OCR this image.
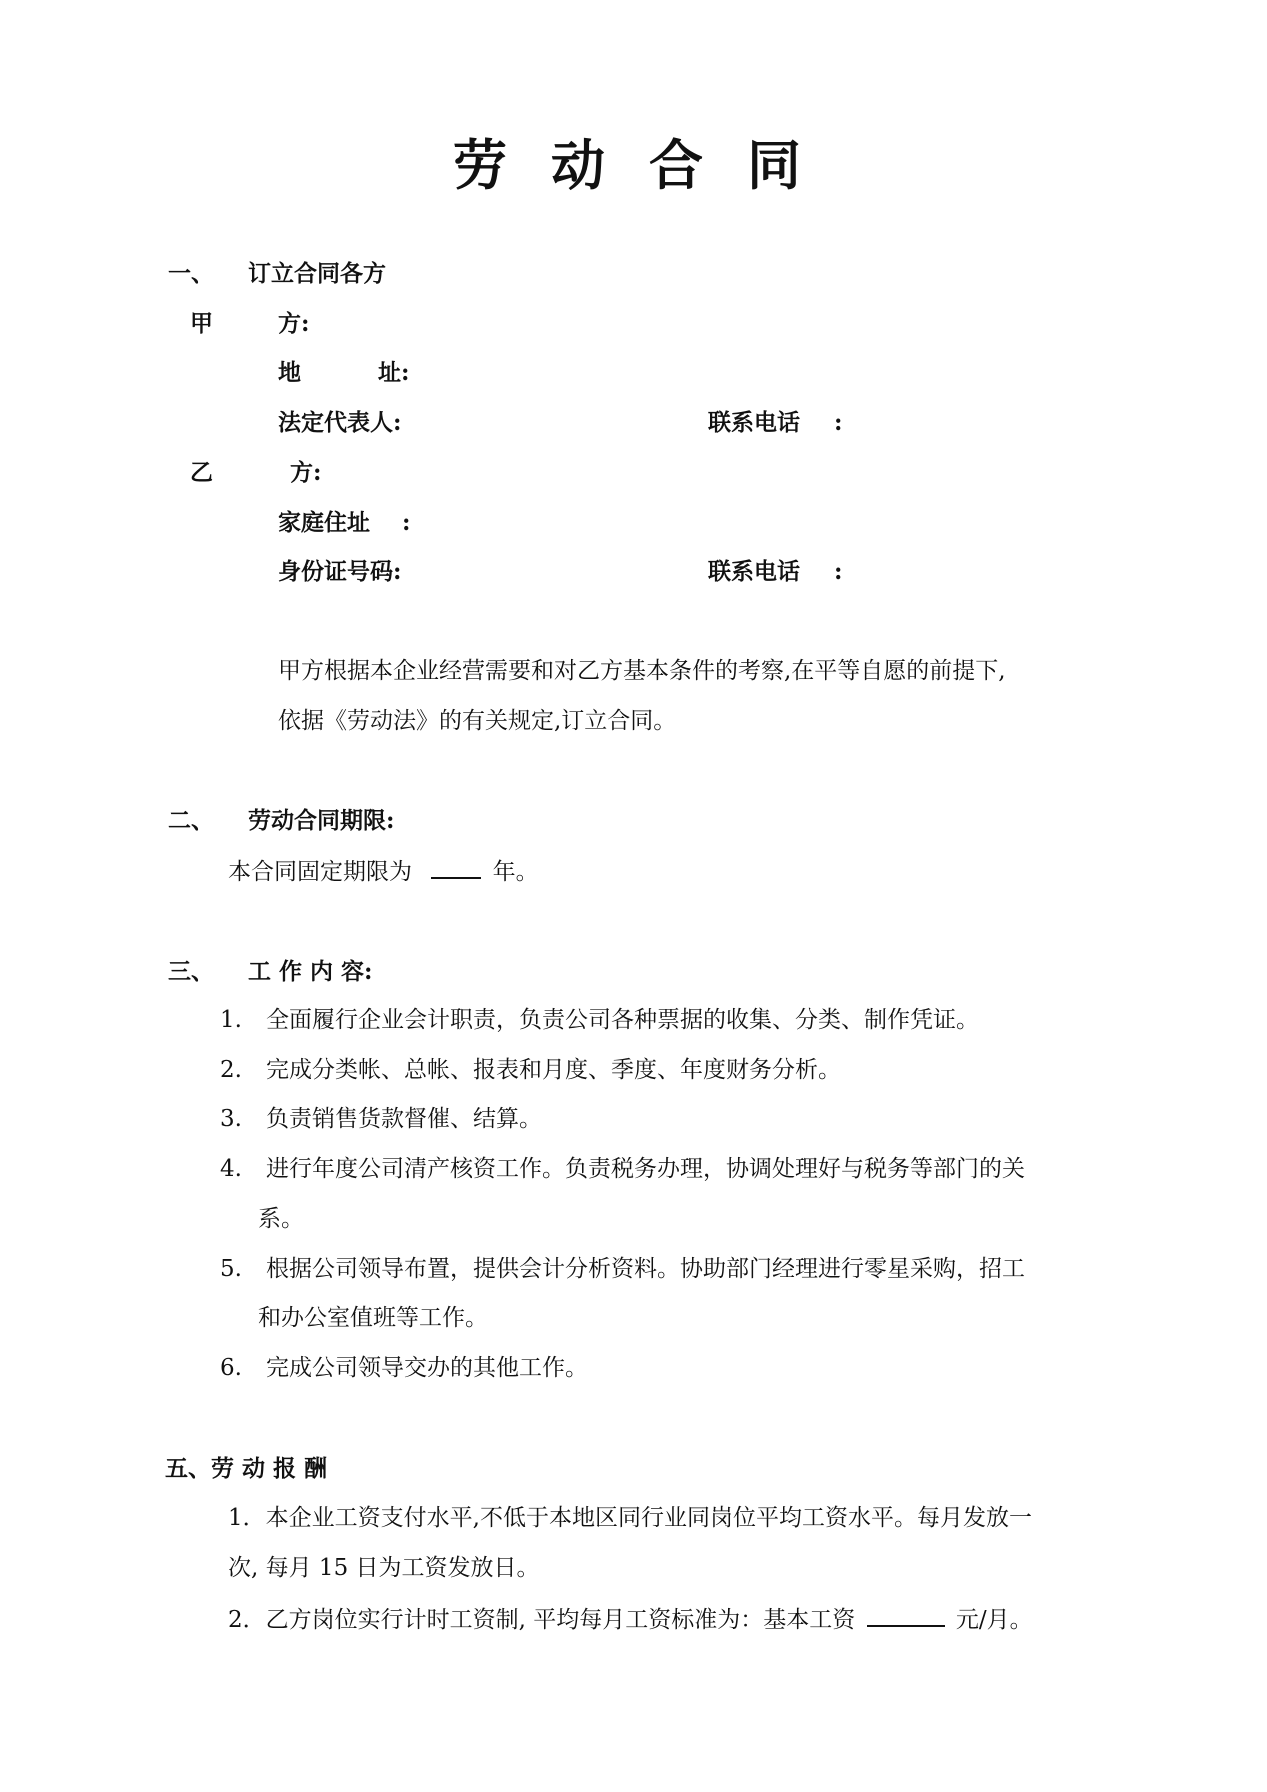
劳动合同
一、 订立合同各方
甲	方:
地	址:
法定代表人:	联系电话 :
乙	方:
家庭住址 :
身份证号码:	联系电话 :
甲方根据本企业经营需要和对乙方基本条件的考察,在平等自愿的前提下,
依据《劳动法》的有关规定,订立合同。
二、 劳动合同期限:
本合同固定期限为	年。
三、 工 作 内 容:
1. 全面履行企业会计职责，负责公司各种票据的收集、分类、制作凭证。
2. 完成分类帐、总帐、报表和月度、季度、年度财务分析。
3. 负责销售货款督催、结算。
4. 进行年度公司清产核资工作。负责税务办理，协调处理好与税务等部门的关
系。
5. 根据公司领导布置，提供会计分析资料。协助部门经理进行零星采购，招工
和办公室值班等工作。
6. 完成公司领导交办的其他工作。
五、劳 动 报 酬
1．本企业工资支付水平,不低于本地区同行业同岗位平均工资水平。每月发放一
次, 每月 15 日为工资发放日。
2．乙方岗位实行计时工资制, 平均每月工资标准为：基本工资	元/月。
